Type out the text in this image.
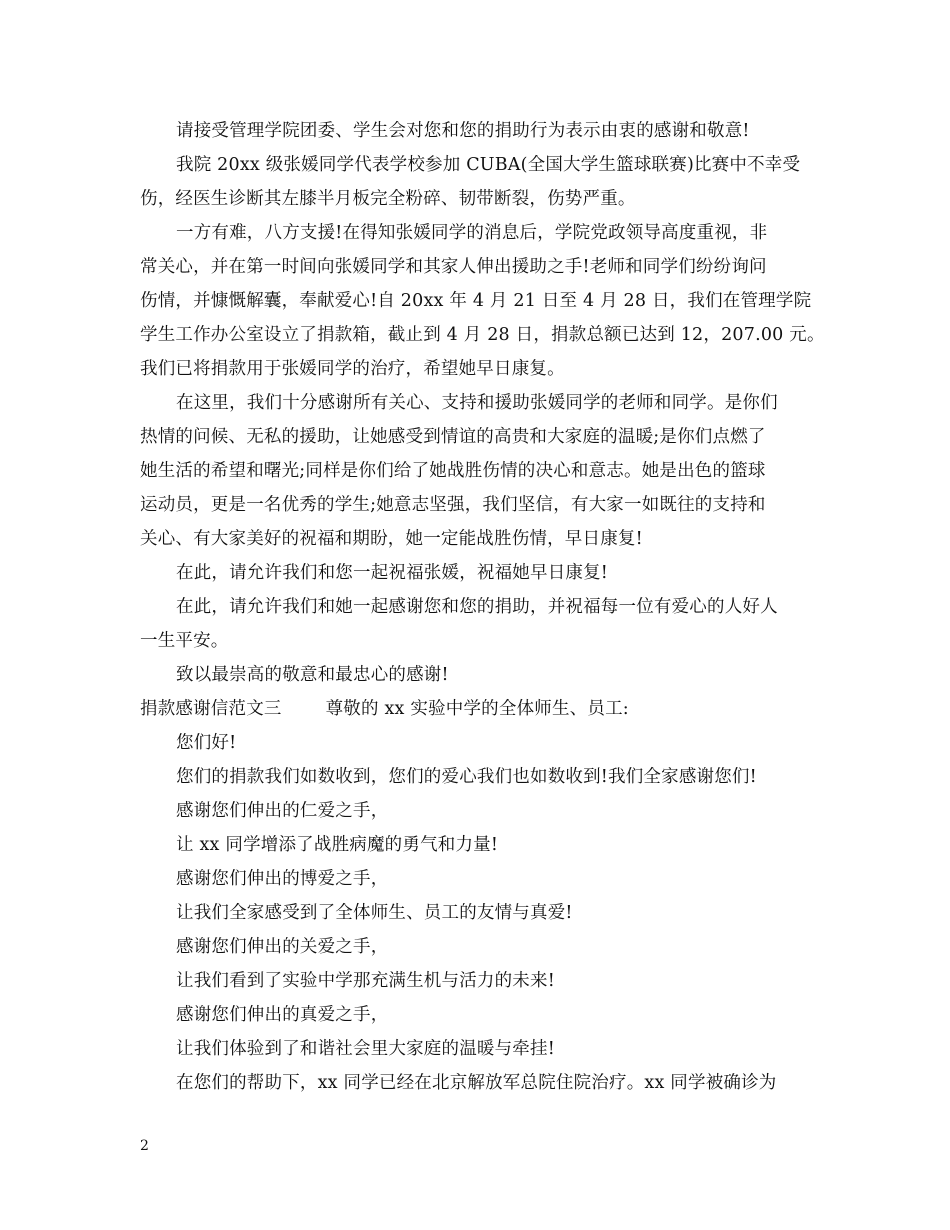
请接受管理学院团委、学生会对您和您的捐助行为表示由衷的感谢和敬意!
我院 20xx 级张媛同学代表学校参加 CUBA(全国大学生篮球联赛)比赛中不幸受
伤，经医生诊断其左膝半月板完全粉碎、韧带断裂，伤势严重。
一方有难，八方支援!在得知张媛同学的消息后，学院党政领导高度重视，非
常关心，并在第一时间向张媛同学和其家人伸出援助之手!老师和同学们纷纷询问
伤情，并慷慨解囊，奉献爱心!自 20xx 年 4 月 21 日至 4 月 28 日，我们在管理学院
学生工作办公室设立了捐款箱，截止到 4 月 28 日，捐款总额已达到 12，207.00 元。
我们已将捐款用于张媛同学的治疗，希望她早日康复。
在这里，我们十分感谢所有关心、支持和援助张媛同学的老师和同学。是你们
热情的问候、无私的援助，让她感受到情谊的高贵和大家庭的温暖;是你们点燃了
她生活的希望和曙光;同样是你们给了她战胜伤情的决心和意志。她是出色的篮球
运动员，更是一名优秀的学生;她意志坚强，我们坚信，有大家一如既往的支持和
关心、有大家美好的祝福和期盼，她一定能战胜伤情，早日康复!
在此，请允许我们和您一起祝福张媛，祝福她早日康复!
在此，请允许我们和她一起感谢您和您的捐助，并祝福每一位有爱心的人好人
一生平安。
致以最崇高的敬意和最忠心的感谢!
捐款感谢信范文三	尊敬的 xx 实验中学的全体师生、员工:
您们好!
您们的捐款我们如数收到，您们的爱心我们也如数收到!我们全家感谢您们!
感谢您们伸出的仁爱之手，
让 xx 同学增添了战胜病魔的勇气和力量!
感谢您们伸出的博爱之手，
让我们全家感受到了全体师生、员工的友情与真爱!
感谢您们伸出的关爱之手，
让我们看到了实验中学那充满生机与活力的未来!
感谢您们伸出的真爱之手，
让我们体验到了和谐社会里大家庭的温暖与牵挂!
在您们的帮助下，xx 同学已经在北京解放军总院住院治疗。xx 同学被确诊为
2
